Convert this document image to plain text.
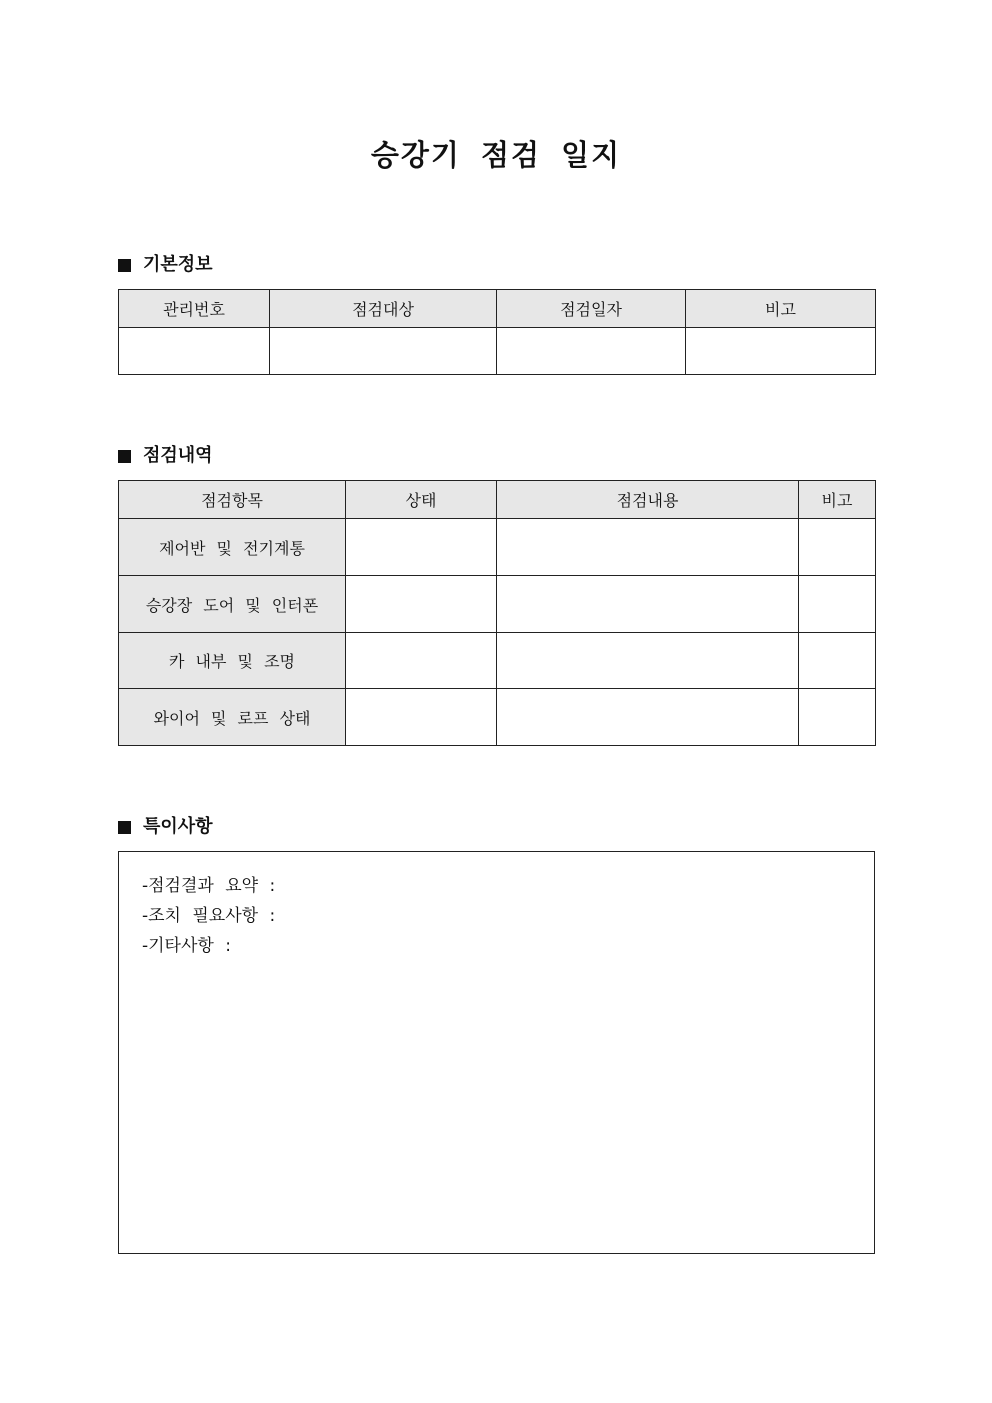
승강기 점검 일지
기본정보
관리번호	점검대상	점검일자	비고

점검내역
점검항목	상태	점검내용	비고
제어반 및 전기계통			
승강장 도어 및 인터폰			
카 내부 및 조명			
와이어 및 로프 상태			
특이사항
-점검결과 요약 :
-조치 필요사항 :
-기타사항 :
